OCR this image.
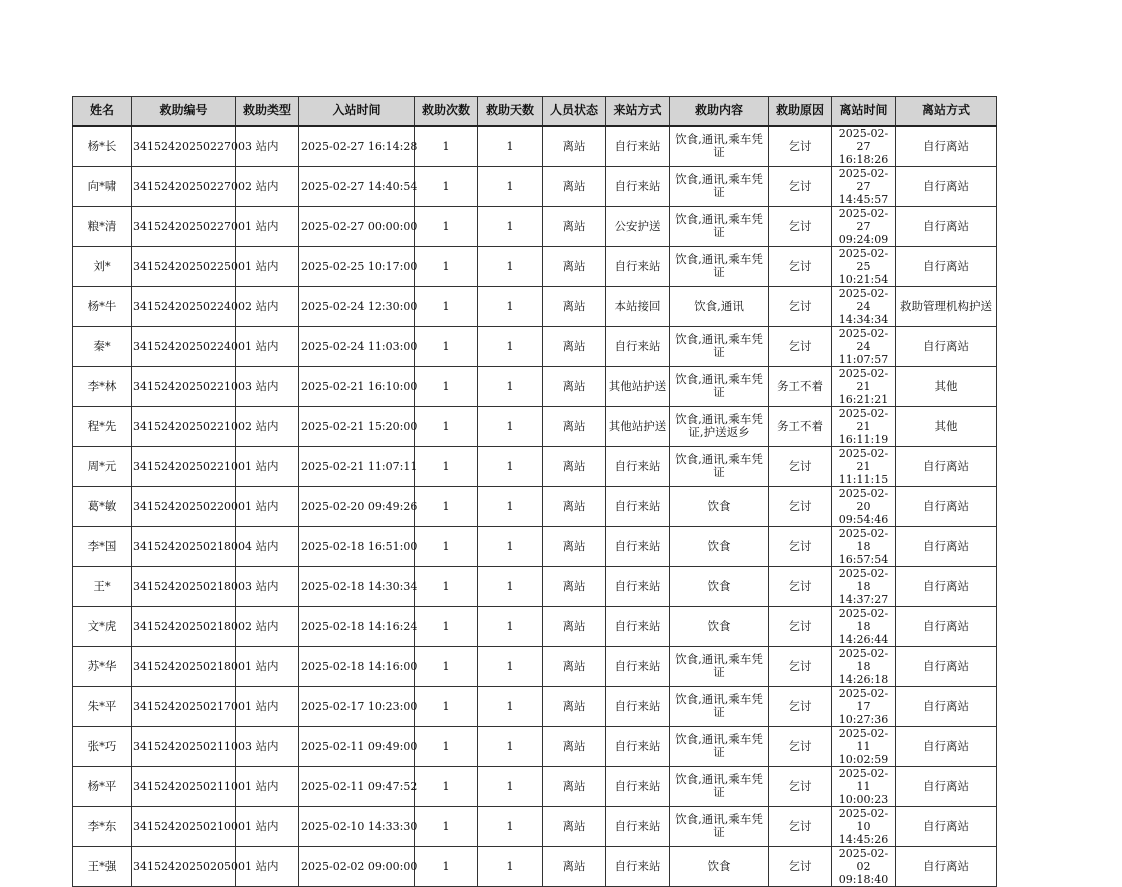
姓名	救助编号	救助类型	入站时间	救助次数	救助天数	人员状态	来站方式	救助内容	救助原因	离站时间	离站方式
杨*长	34152420250227003	站内	2025-02-27 16:14:28	1	1	离站	自行来站	饮食,通讯,乘车凭证	乞讨	2025-02-27 16:18:26	自行离站
向*啸	34152420250227002	站内	2025-02-27 14:40:54	1	1	离站	自行来站	饮食,通讯,乘车凭证	乞讨	2025-02-27 14:45:57	自行离站
粮*清	34152420250227001	站内	2025-02-27 00:00:00	1	1	离站	公安护送	饮食,通讯,乘车凭证	乞讨	2025-02-27 09:24:09	自行离站
刘*	34152420250225001	站内	2025-02-25 10:17:00	1	1	离站	自行来站	饮食,通讯,乘车凭证	乞讨	2025-02-25 10:21:54	自行离站
杨*牛	34152420250224002	站内	2025-02-24 12:30:00	1	1	离站	本站接回	饮食,通讯	乞讨	2025-02-24 14:34:34	救助管理机构护送
秦*	34152420250224001	站内	2025-02-24 11:03:00	1	1	离站	自行来站	饮食,通讯,乘车凭证	乞讨	2025-02-24 11:07:57	自行离站
李*林	34152420250221003	站内	2025-02-21 16:10:00	1	1	离站	其他站护送	饮食,通讯,乘车凭证	务工不着	2025-02-21 16:21:21	其他
程*先	34152420250221002	站内	2025-02-21 15:20:00	1	1	离站	其他站护送	饮食,通讯,乘车凭证,护送返乡	务工不着	2025-02-21 16:11:19	其他
周*元	34152420250221001	站内	2025-02-21 11:07:11	1	1	离站	自行来站	饮食,通讯,乘车凭证	乞讨	2025-02-21 11:11:15	自行离站
葛*敏	34152420250220001	站内	2025-02-20 09:49:26	1	1	离站	自行来站	饮食	乞讨	2025-02-20 09:54:46	自行离站
李*国	34152420250218004	站内	2025-02-18 16:51:00	1	1	离站	自行来站	饮食	乞讨	2025-02-18 16:57:54	自行离站
王*	34152420250218003	站内	2025-02-18 14:30:34	1	1	离站	自行来站	饮食	乞讨	2025-02-18 14:37:27	自行离站
文*虎	34152420250218002	站内	2025-02-18 14:16:24	1	1	离站	自行来站	饮食	乞讨	2025-02-18 14:26:44	自行离站
苏*华	34152420250218001	站内	2025-02-18 14:16:00	1	1	离站	自行来站	饮食,通讯,乘车凭证	乞讨	2025-02-18 14:26:18	自行离站
朱*平	34152420250217001	站内	2025-02-17 10:23:00	1	1	离站	自行来站	饮食,通讯,乘车凭证	乞讨	2025-02-17 10:27:36	自行离站
张*巧	34152420250211003	站内	2025-02-11 09:49:00	1	1	离站	自行来站	饮食,通讯,乘车凭证	乞讨	2025-02-11 10:02:59	自行离站
杨*平	34152420250211001	站内	2025-02-11 09:47:52	1	1	离站	自行来站	饮食,通讯,乘车凭证	乞讨	2025-02-11 10:00:23	自行离站
李*东	34152420250210001	站内	2025-02-10 14:33:30	1	1	离站	自行来站	饮食,通讯,乘车凭证	乞讨	2025-02-10 14:45:26	自行离站
王*强	34152420250205001	站内	2025-02-02 09:00:00	1	1	离站	自行来站	饮食	乞讨	2025-02-02 09:18:40	自行离站
